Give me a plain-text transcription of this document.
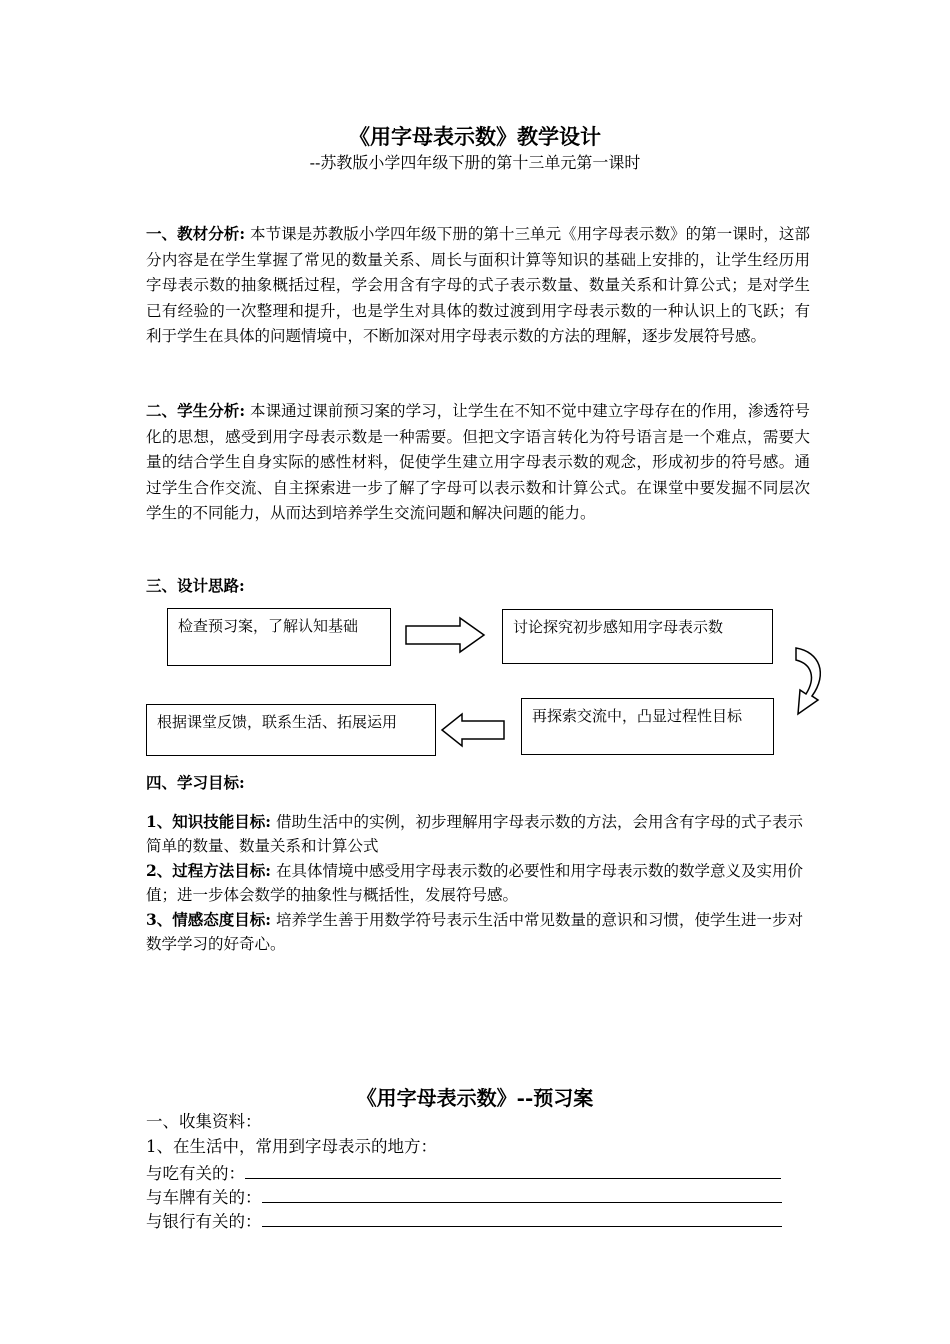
《用字母表示数》教学设计
--苏教版小学四年级下册的第十三单元第一课时
一、教材分析: 本节课是苏教版小学四年级下册的第十三单元《用字母表示数》的第一课时，这部分内容是在学生掌握了常见的数量关系、周长与面积计算等知识的基础上安排的，让学生经历用字母表示数的抽象概括过程，学会用含有字母的式子表示数量、数量关系和计算公式；是对学生已有经验的一次整理和提升，也是学生对具体的数过渡到用字母表示数的一种认识上的飞跃；有利于学生在具体的问题情境中，不断加深对用字母表示数的方法的理解，逐步发展符号感。
二、学生分析: 本课通过课前预习案的学习，让学生在不知不觉中建立字母存在的作用，渗透符号化的思想，感受到用字母表示数是一种需要。但把文字语言转化为符号语言是一个难点，需要大量的结合学生自身实际的感性材料，促使学生建立用字母表示数的观念，形成初步的符号感。通过学生合作交流、自主探索进一步了解了字母可以表示数和计算公式。在课堂中要发掘不同层次学生的不同能力，从而达到培养学生交流问题和解决问题的能力。
三、设计思路:
检查预习案，了解认知基础	讨论探究初步感知用字母表示数
再探索交流中，凸显过程性目标
根据课堂反馈，联系生活、拓展运用
四、学习目标:
1、知识技能目标: 借助生活中的实例，初步理解用字母表示数的方法，会用含有字母的式子表示简单的数量、数量关系和计算公式
2、过程方法目标: 在具体情境中感受用字母表示数的必要性和用字母表示数的数学意义及实用价值；进一步体会数学的抽象性与概括性，发展符号感。
3、情感态度目标: 培养学生善于用数学符号表示生活中常见数量的意识和习惯，使学生进一步对数学学习的好奇心。
《用字母表示数》--预习案
一、收集资料：
1、在生活中，常用到字母表示的地方：
与吃有关的：
与车牌有关的：
与银行有关的：
